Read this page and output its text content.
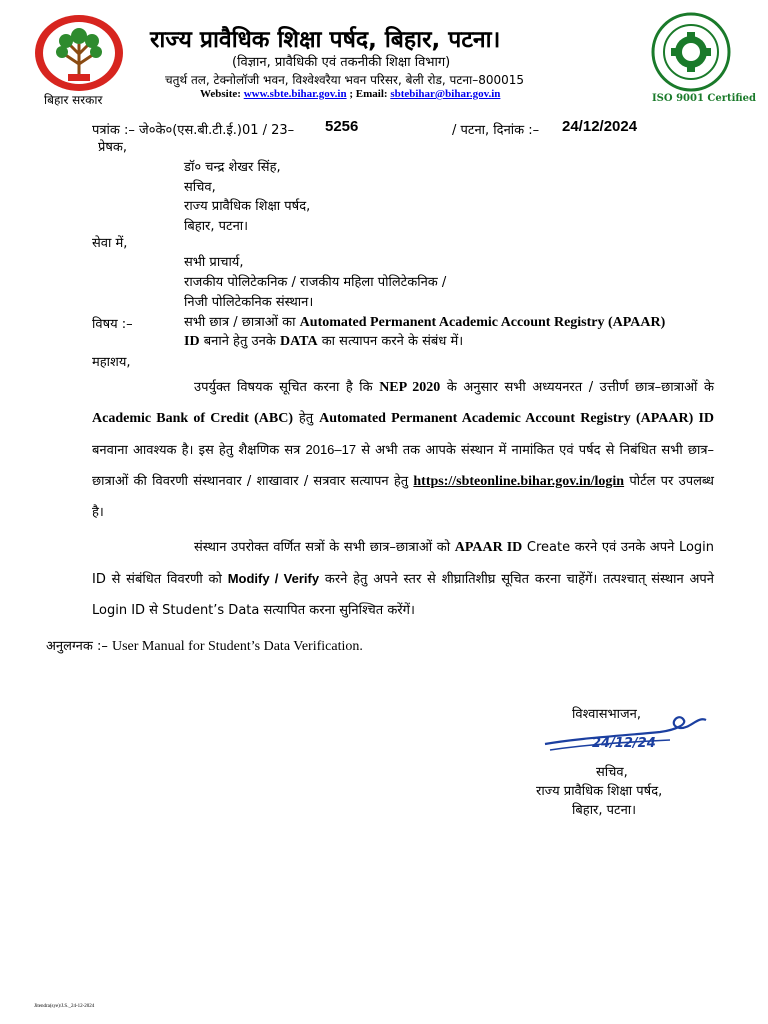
बिहार सरकार
राज्य प्रावैधिक शिक्षा पर्षद, बिहार, पटना।
(विज्ञान, प्रावैधिकी एवं तकनीकी शिक्षा विभाग)
चतुर्थ तल, टेक्नोलॉजी भवन, विश्वेश्वरैया भवन परिसर, बेली रोड, पटना–800015
Website: www.sbte.bihar.gov.in ; Email: sbtebihar@bihar.gov.in	ISO 9001 Certified
पत्रांक :– जे०के०(एस.बी.टी.ई.)01 / 23– 5256	/ पटना, दिनांक :– 24/12/2024
प्रेषक,
डॉ० चन्द्र शेखर सिंह,
सचिव,
राज्य प्रावैधिक शिक्षा पर्षद,
बिहार, पटना।
सेवा में,
सभी प्राचार्य,
राजकीय पोलिटेकनिक / राजकीय महिला पोलिटेकनिक /
निजी पोलिटेकनिक संस्थान।
विषय :–	सभी छात्र / छात्राओं का Automated Permanent Academic Account Registry (APAAR)
ID बनाने हेतु उनके DATA का सत्यापन करने के संबंध में।
महाशय,
उपर्युक्त विषयक सूचित करना है कि NEP 2020 के अनुसार सभी अध्ययनरत / उत्तीर्ण छात्र–छात्राओं के Academic Bank of Credit (ABC) हेतु Automated Permanent Academic Account Registry (APAAR) ID बनवाना आवश्यक है। इस हेतु शैक्षणिक सत्र 2016–17 से अभी तक आपके संस्थान में नामांकित एवं पर्षद से निबंधित सभी छात्र–छात्राओं की विवरणी संस्थानवार / शाखावार / सत्रवार सत्यापन हेतु https://sbteonline.bihar.gov.in/login पोर्टल पर उपलब्ध है।
संस्थान उपरोक्त वर्णित सत्रों के सभी छात्र–छात्राओं को APAAR ID Create करने एवं उनके अपने Login ID से संबंधित विवरणी को Modify / Verify करने हेतु अपने स्तर से शीघ्रातिशीघ्र सूचित करना चाहेंगें। तत्पश्चात् संस्थान अपने Login ID से Student’s Data सत्यापित करना सुनिश्चित करेंगें।
अनुलग्नक :– User Manual for Student’s Data Verification.
विश्वासभाजन,
24/12/24
सचिव,
राज्य प्रावैधिक शिक्षा पर्षद,
बिहार, पटना।
Jitendra(sye)/J.S._24-12-2024
